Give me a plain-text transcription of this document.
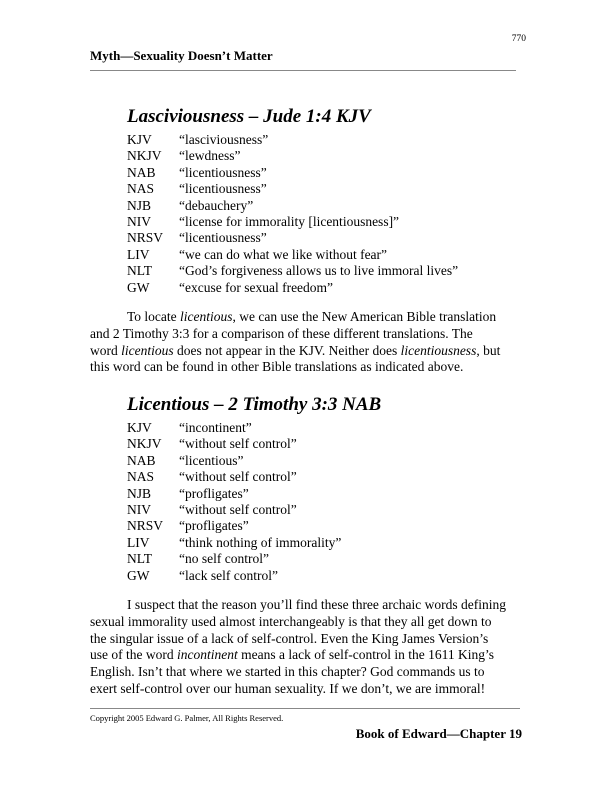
770
Myth—Sexuality Doesn’t Matter
Lasciviousness – Jude 1:4 KJV
KJV “lasciviousness”
NKJV “lewdness”
NAB “licentiousness”
NAS “licentiousness”
NJB “debauchery”
NIV “license for immorality [licentiousness]”
NRSV “licentiousness”
LIV “we can do what we like without fear”
NLT “God’s forgiveness allows us to live immoral lives”
GW “excuse for sexual freedom”
To locate licentious, we can use the New American Bible translation
and 2 Timothy 3:3 for a comparison of these different translations. The
word licentious does not appear in the KJV. Neither does licentiousness, but
this word can be found in other Bible translations as indicated above.
Licentious – 2 Timothy 3:3 NAB
KJV “incontinent”
NKJV “without self control”
NAB “licentious”
NAS “without self control”
NJB “profligates”
NIV “without self control”
NRSV “profligates”
LIV “think nothing of immorality”
NLT “no self control”
GW “lack self control”
I suspect that the reason you’ll find these three archaic words defining
sexual immorality used almost interchangeably is that they all get down to
the singular issue of a lack of self-control. Even the King James Version’s
use of the word incontinent means a lack of self-control in the 1611 King’s
English. Isn’t that where we started in this chapter? God commands us to
exert self-control over our human sexuality. If we don’t, we are immoral!
Copyright 2005 Edward G. Palmer, All Rights Reserved.
Book of Edward—Chapter 19
